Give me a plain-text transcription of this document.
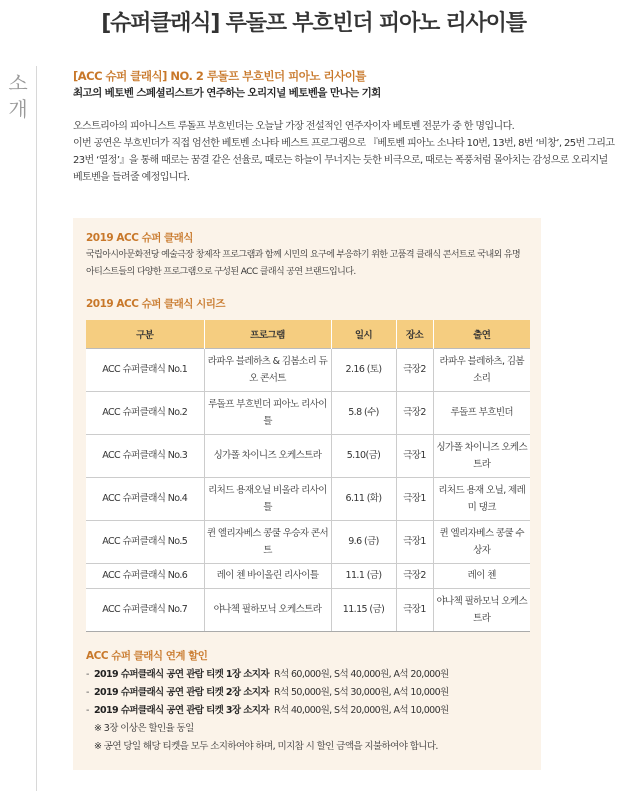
[슈퍼클래식] 루돌프 부흐빈더 피아노 리사이틀
소
개
[ACC 슈퍼 클래식] NO. 2 루돌프 부흐빈더 피아노 리사이틀
최고의 베토벤 스페셜리스트가 연주하는 오리지널 베토벤을 만나는 기회

오스트리아의 피아니스트 루돌프 부흐빈더는 오늘날 가장 전설적인 연주자이자 베토벤 전문가 중 한 명입니다.

이번 공연은 부흐빈더가 직접 엄선한 베토벤 소나타 베스트 프로그램으로 『베토벤 피아노 소나타 10번, 13번, 8번 ‘비창’, 25번 그리고 23번 ‘열정’』을 통해 때로는 꿈결 같은 선율로, 때로는 하늘이 무너지는 듯한 비극으로, 때로는 폭풍처럼 몰아치는 감성으로 오리지널 베토벤을 들려줄 예정입니다.

2019 ACC 슈퍼 클래식
국립아시아문화전당 예술극장 창제작 프로그램과 함께 시민의 요구에 부응하기 위한 고품격 클래식 콘서트로 국내외 유명 아티스트들의 다양한 프로그램으로 구성된 ACC 클래식 공연 브랜드입니다.
2019 ACC 슈퍼 클래식 시리즈
구분	프로그램	일시	장소	출연
ACC 슈퍼클래식 No.1	라파우 블레하츠 & 김봄소리 듀오 콘서트	2.16 (토)	극장2	라파우 블레하츠, 김봄소리
ACC 슈퍼클래식 No.2	루돌프 부흐빈더 피아노 리사이틀	5.8 (수)	극장2	루돌프 부흐빈더
ACC 슈퍼클래식 No.3	싱가폴 차이니즈 오케스트라	5.10(금)	극장1	싱가폴 차이니즈 오케스트라
ACC 슈퍼클래식 No.4	리처드 용재오닐 비올라 리사이틀	6.11 (화)	극장1	리처드 용재 오닐, 제레미 댕크
ACC 슈퍼클래식 No.5	퀸 엘리자베스 콩쿨 우승자 콘서트	9.6 (금)	극장1	퀸 엘리자베스 콩쿨 수상자
ACC 슈퍼클래식 No.6	레이 첸 바이올린 리사이틀	11.1 (금)	극장2	레이 첸
ACC 슈퍼클래식 No.7	야나첵 필하모닉 오케스트라	11.15 (금)	극장1	야나첵 필하모닉 오케스트라
ACC 슈퍼 클래식 연계 할인
- 2019 슈퍼클래식 공연 관람 티켓 1장 소지자 R석 60,000원, S석 40,000원, A석 20,000원
- 2019 슈퍼클래식 공연 관람 티켓 2장 소지자 R석 50,000원, S석 30,000원, A석 10,000원
- 2019 슈퍼클래식 공연 관람 티켓 3장 소지자 R석 40,000원, S석 20,000원, A석 10,000원
※ 3장 이상은 할인율 동일
※ 공연 당일 해당 티켓을 모두 소지하여야 하며, 미지참 시 할인 금액을 지불하여야 합니다.
